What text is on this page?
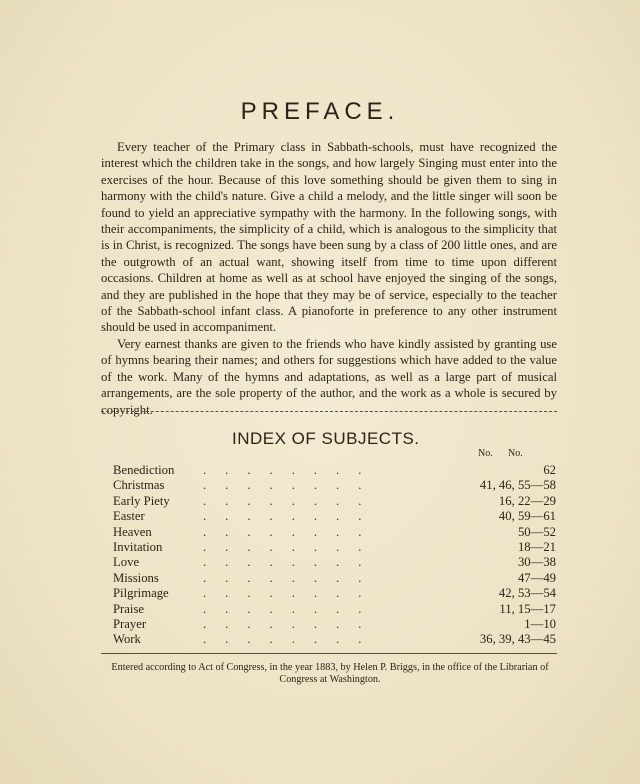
PREFACE.

Every teacher of the Primary class in Sabbath-schools, must have recognized the interest which the children take in the songs, and how largely Singing must enter into the exercises of the hour. Because of this love something should be given them to sing in harmony with the child's nature. Give a child a melody, and the little singer will soon be found to yield an appreciative sympathy with the harmony. In the following songs, with their accompaniments, the simplicity of a child, which is analogous to the simplicity that is in Christ, is recognized. The songs have been sung by a class of 200 little ones, and are the outgrowth of an actual want, showing itself from time to time upon different occasions. Children at home as well as at school have enjoyed the singing of the songs, and they are published in the hope that they may be of service, especially to the teacher of the Sabbath-school infant class. A pianoforte in preference to any other instrument should be used in accompaniment.

Very earnest thanks are given to the friends who have kindly assisted by granting use of hymns bearing their names; and others for suggestions which have added to the value of the work. Many of the hymns and adaptations, as well as a large part of musical arrangements, are the sole property of the author, and the work as a whole is secured by copyright.

INDEX OF SUBJECTS.
No. No.
Benediction ........	62
Christmas	........	41, 46, 55—58
Early Piety	........	16, 22—29
Easter	........	40, 59—61
Heaven	........	50—52
Invitation	........	18—21
Love	........	30—38
Missions	........	47—49
Pilgrimage	........	42, 53—54
Praise	........	11, 15—17
Prayer	........	1—10
Work	........	36, 39, 43—45
Entered according to Act of Congress, in the year 1883, by Helen P. Briggs, in the office of the Librarian of Congress at Washington.
